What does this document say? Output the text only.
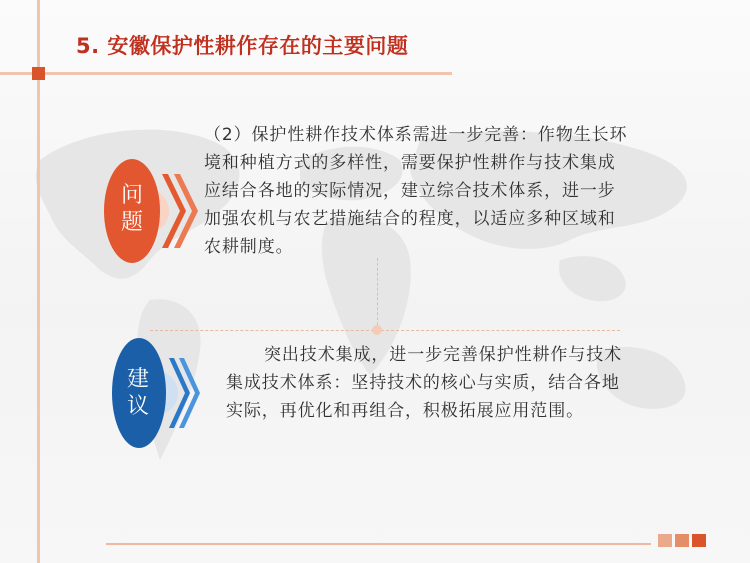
5. 安徽保护性耕作存在的主要问题
问
题
（2）保护性耕作技术体系需进一步完善：作物生长环境和种植方式的多样性，需要保护性耕作与技术集成应结合各地的实际情况，建立综合技术体系，进一步加强农机与农艺措施结合的程度，以适应多种区域和农耕制度。
建
议
突出技术集成，进一步完善保护性耕作与技术集成技术体系：坚持技术的核心与实质，结合各地实际，再优化和再组合，积极拓展应用范围。
